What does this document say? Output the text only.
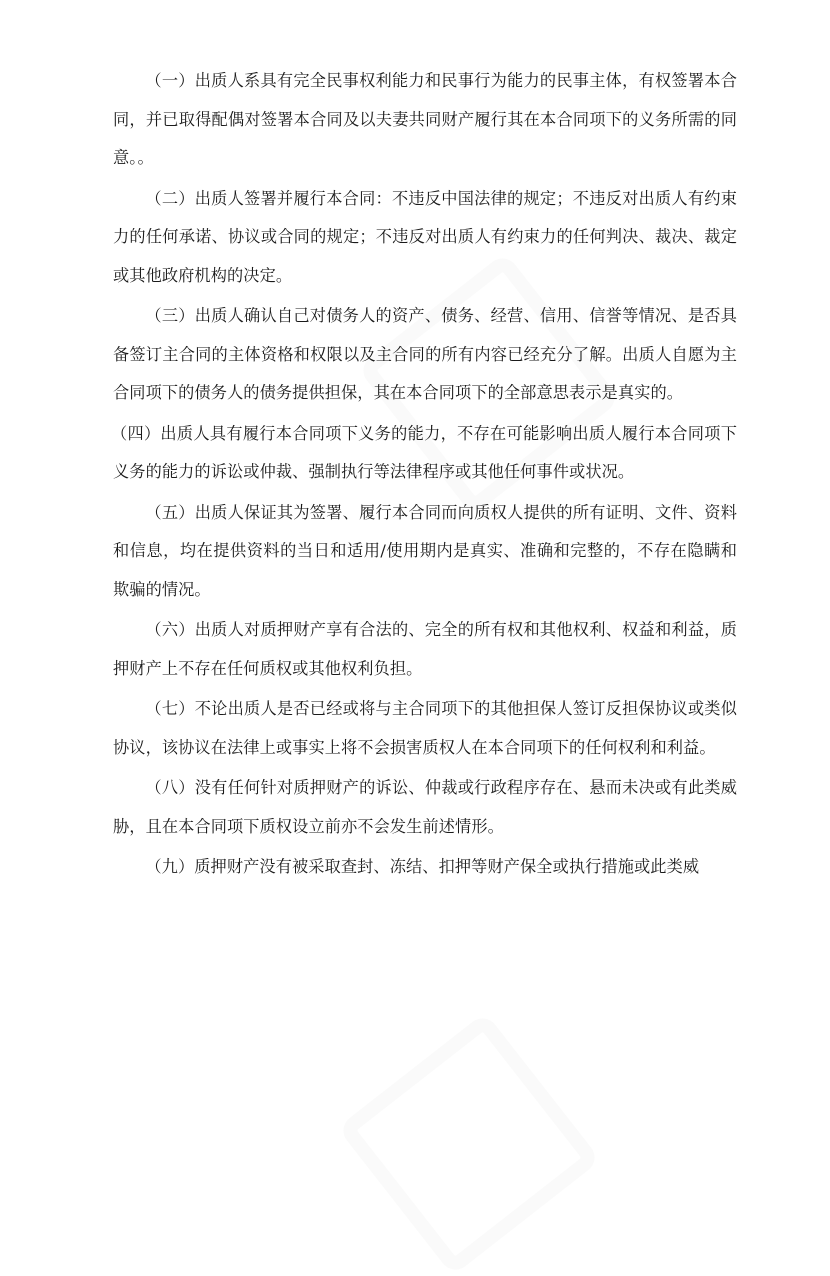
（一）出质人系具有完全民事权利能力和民事行为能力的民事主体，有权签署本合同，并已取得配偶对签署本合同及以夫妻共同财产履行其在本合同项下的义务所需的同意。。

（二）出质人签署并履行本合同：不违反中国法律的规定；不违反对出质人有约束力的任何承诺、协议或合同的规定；不违反对出质人有约束力的任何判决、裁决、裁定或其他政府机构的决定。

（三）出质人确认自己对债务人的资产、债务、经营、信用、信誉等情况、是否具备签订主合同的主体资格和权限以及主合同的所有内容已经充分了解。出质人自愿为主合同项下的债务人的债务提供担保，其在本合同项下的全部意思表示是真实的。

（四）出质人具有履行本合同项下义务的能力，不存在可能影响出质人履行本合同项下义务的能力的诉讼或仲裁、强制执行等法律程序或其他任何事件或状况。

（五）出质人保证其为签署、履行本合同而向质权人提供的所有证明、文件、资料和信息，均在提供资料的当日和适用/使用期内是真实、准确和完整的，不存在隐瞒和欺骗的情况。

（六）出质人对质押财产享有合法的、完全的所有权和其他权利、权益和利益，质押财产上不存在任何质权或其他权利负担。

（七）不论出质人是否已经或将与主合同项下的其他担保人签订反担保协议或类似协议，该协议在法律上或事实上将不会损害质权人在本合同项下的任何权利和利益。

（八）没有任何针对质押财产的诉讼、仲裁或行政程序存在、悬而未决或有此类威胁，且在本合同项下质权设立前亦不会发生前述情形。

（九）质押财产没有被采取查封、冻结、扣押等财产保全或执行措施或此类威
